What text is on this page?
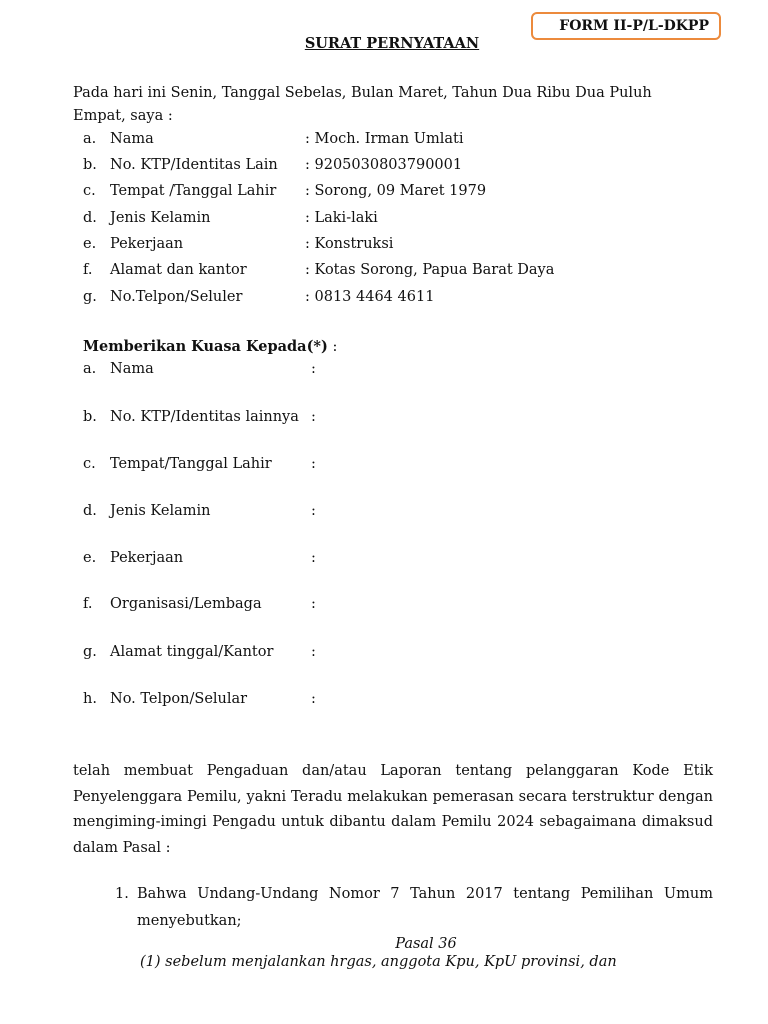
FORM II-P/L-DKPP
SURAT PERNYATAAN
Pada hari ini Senin, Tanggal Sebelas, Bulan Maret, Tahun Dua Ribu Dua Puluh Empat, saya :
a. Nama	: Moch. Irman Umlati
b. No. KTP/Identitas Lain : 9205030803790001
c. Tempat /Tanggal Lahir : Sorong, 09 Maret 1979
d. Jenis Kelamin	: Laki-laki
e. Pekerjaan	: Konstruksi
f. Alamat dan kantor	: Kotas Sorong, Papua Barat Daya
g. No.Telpon/Seluler	: 0813 4464 4611
Memberikan Kuasa Kepada(*) :
a. Nama	:
b. No. KTP/Identitas lainnya :
c. Tempat/Tanggal Lahir	:
d. Jenis Kelamin	:
e. Pekerjaan	:
f. Organisasi/Lembaga	:
g. Alamat tinggal/Kantor	:
h. No. Telpon/Selular	:
telah membuat Pengaduan dan/atau Laporan tentang pelanggaran Kode Etik Penyelenggara Pemilu, yakni Teradu melakukan pemerasan secara terstruktur dengan mengiming-imingi Pengadu untuk dibantu dalam Pemilu 2024 sebagaimana dimaksud dalam Pasal :
1. Bahwa Undang-Undang Nomor 7 Tahun 2017 tentang Pemilihan Umum menyebutkan;
Pasal 36
(1) sebelum menjalankan hrgas, anggota Kpu, KpU provinsi, dan
